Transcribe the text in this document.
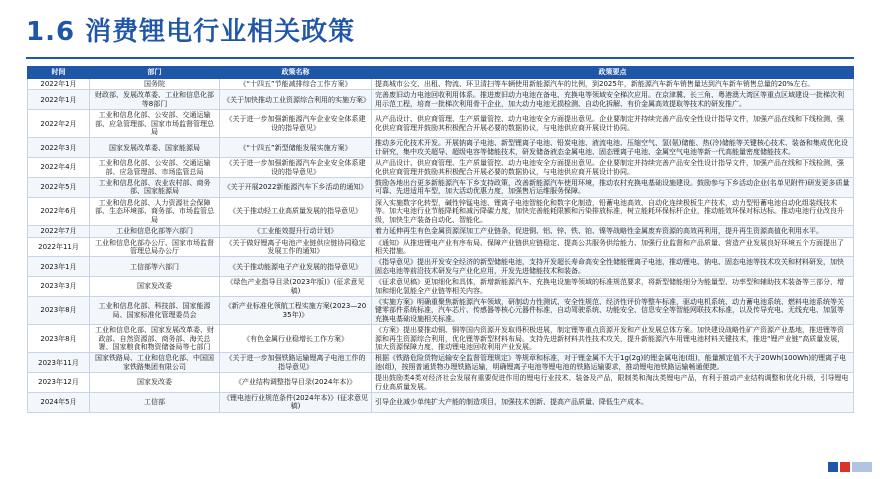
1.6 消费锂电行业相关政策
时间	部门	政策名称	政策要点
2022年1月	国务院	《“十四五”节能减排综合工作方案》	提高城市公交、出租、物流、环卫清扫等车辆使用新能源汽车的比例，到2025年，新能源汽车新车销售量达到汽车新车销售总量的20%左右。
2022年1月	财政部、发展改革委、工业和信息化部等8部门	《关于加快推动工业资源综合利用的实施方案》	完善废旧动力电池回收利用体系。推进废旧动力电池在备电、充换电等领域安全梯次应用。在京津冀、长三角、粤港澳大湾区等重点区域建设一批梯次利用示范工程，培育一批梯次利用骨干企业，加大动力电池无损检测、自动化拆解、有价金属高效提取等技术的研发推广。
2022年2月	工业和信息化部、公安部、交通运输部、应急管理部、国家市场监督管理总局	《关于进一步加强新能源汽车企业安全体系建设的指导意见》	从产品设计、供应商管理、生产质量管控、动力电池安全方面提出意见。企业要制定并持续完善产品安全性设计指导文件，加强产品在线和下线检测，强化供应商管理并鼓励其积极配合开展必要的数据协议，与电池供应商开展设计协同。
2022年3月	国家发展改革委、国家能源局	《“十四五”新型储能发展实施方案》	推动多元化技术开发。开展钠离子电池、新型锂离子电池、铅炭电池、液流电池、压缩空气、氢(氨)储能、热(冷)储能等关键核心技术、装备和集成优化设计研究，集中攻关超导、超级电容等储能技术，研发储备液态金属电池、固态锂离子电池、金属空气电池等新一代高能量密度储能技术。
2022年4月	工业和信息化部、公安部、交通运输部、应急管理部、市场监管总局	《关于进一步加强新能源汽车企业安全体系建设的指导意见》	从产品设计、供应商管理、生产质量管控、动力电池安全方面提出意见。企业要制定并持续完善产品安全性设计指导文件，加强产品在线和下线检测，强化供应商管理并鼓励其积极配合开展必要的数据协议，与电池供应商开展设计协同。
2022年5月	工业和信息化部、农业农村部、商务部、国家能源局	《关于开展2022新能源汽车下乡活动的通知》	鼓励各地出台更多新能源汽车下乡支持政策，改善新能源汽车使用环境，推动农村充换电基础设施建设。鼓励参与下乡活动企业(名单见附件)研发更多质量可靠、先进适用车型，加大活动优惠力度，加强售后运维服务保障。
2022年6月	工业和信息化部、人力资源社会保障部、生态环境部、商务部、市场监管总局	《关于推动轻工业高质量发展的指导意见》	深入实施数字化转型，碱性锌锰电池、锂离子电池智能化和数字化制造，铅蓄电池高效、自动化连续极板生产技术，动力型铅蓄电池自动化组装线技术等。加大电池行业节能降耗和减污降碳力度，加快完善能耗限额和污染排放标准，树立能耗环保标杆企业，推动能效环保对标达标。推动电池行业改良升级，加快生产装备自动化、智能化。
2022年7月	工业和信息化部等六部门	《工业能效提升行动计划》	着力延伸再生有色金属资源深加工产业链条，促进铜、铝、锌、铁、铂、镍等战略性金属废弃资源的高效再利用，提升再生资源高值化利用水平。
2022年11月	工业和信息化部办公厅、国家市场监督管理总局办公厅	《关于做好锂离子电池产业链供应链协同稳定发展工作的通知》	《通知》从推进锂电产业有序布局、保障产业链供应链稳定、提高公共服务供给能力、加强行业监督和产品质量、营造产业发展良好环境五个方面提出了相关措施。
2023年1月	工信部等六部门	《关于推动能源电子产业发展的指导意见》	《指导意见》提出开发安全经济的新型储能电池，支持开发超长寿命高安全性储能锂离子电池，推动锂电、钠电、固态电池等技术攻关和材料研发，加快固态电池等前沿技术研发与产业化应用，开发先进储能技术和装备。
2023年3月	国家发改委	《绿色产业指导目录(2023年版)》(征求意见稿)	《征求意见稿》更加细化和具体，新增新能源汽车、充换电设施等领域的标准规范要求，将新型储能细分为能量型、功率型和辅助技术装备等三部分，增加和细化氢能全产业链等相关内容。
2023年8月	工业和信息化部、科技部、国家能源局、国家标准化管理委员会	《新产业标准化领航工程实施方案(2023—2035年)》	《实施方案》明确重聚焦新能源汽车领域，研制动力性测试、安全性规范、经济性评价等整车标准，驱动电机系统、动力蓄电池系统、燃料电池系统等关键零部件系统标准，汽车芯片、传感器等核心元器件标准，自动驾驶系统、功能安全、信息安全等智能网联技术标准，以及传导充电、无线充电、加氢等充换电基础设施相关标准。
2023年8月	工业和信息化部、国家发展改革委、财政部、自然资源部、商务部、海关总署、国家粮食和物资储备局等七部门	《有色金属行业稳增长工作方案》	《方案》提出要推动铜、铜等国内资源开发取得积极进展，制定锂等重点资源开发和产业发展总体方案。加快建设战略性矿产资源产业基地，推进锂等资源和再生资源综合利用，优化锂等新型材料布局。支持先进新材料共性技术攻关，提升新能源汽车用锂电池材料关键技术，推进“锂产业链”高质量发展，加大资源保障力度，推动锂电池回收利用产业发展。
2023年11月	国家铁路局、工业和信息化部、中国国家铁路集团有限公司	《关于进一步加强铁路运输锂离子电池工作的指导意见》	根据《铁路危险货物运输安全监督管理规定》等规章和标准，对于锂金属不大于1g(2g)的锂金属电池(组)，能量额定值不大于20Wh(100Wh)的锂离子电池(组)，按照普通货物办理铁路运输，明确锂离子电池等锂电池的铁路运输要求，推动锂电池铁路运输畅通便捷。
2023年12月	国家发改委	《产业结构调整指导目录(2024年本)》	提出鼓励类4类对经济社会发展有重要促进作用的锂电行业技术、装备及产品，限制类和淘汰类锂电产品，有利于推动产业结构调整和优化升级，引导锂电行业高质量发展。
2024年5月	工信部	《锂电池行业规范条件(2024年本)》(征求意见稿)	引导企业减少单纯扩大产能的制造项目，加强技术创新、提高产品质量、降低生产成本。
